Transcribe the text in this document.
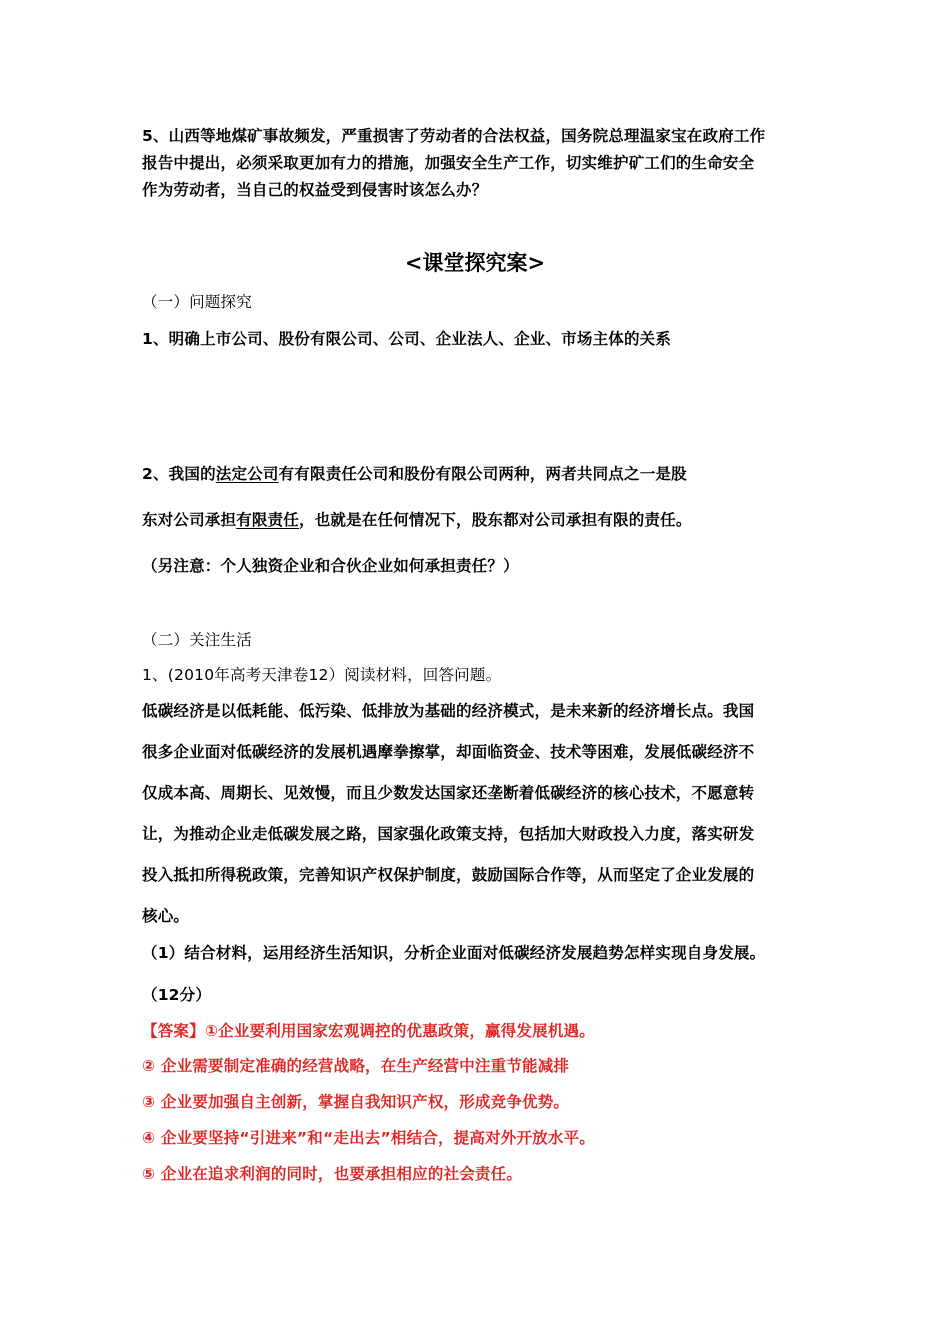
5、山西等地煤矿事故频发，严重损害了劳动者的合法权益，国务院总理温家宝在政府工作
报告中提出，必须采取更加有力的措施，加强安全生产工作，切实维护矿工们的生命安全
作为劳动者，当自己的权益受到侵害时该怎么办？
<课堂探究案>
（一）问题探究
1、明确上市公司、股份有限公司、公司、企业法人、企业、市场主体的关系
2、我国的法定公司有有限责任公司和股份有限公司两种，两者共同点之一是股
东对公司承担有限责任，也就是在任何情况下，股东都对公司承担有限的责任。
（另注意：个人独资企业和合伙企业如何承担责任？）
（二）关注生活
1、(2010年高考天津卷12）阅读材料，回答问题。
低碳经济是以低耗能、低污染、低排放为基础的经济模式，是未来新的经济增长点。我国
很多企业面对低碳经济的发展机遇摩拳擦掌，却面临资金、技术等困难，发展低碳经济不
仅成本高、周期长、见效慢，而且少数发达国家还垄断着低碳经济的核心技术，不愿意转
让，为推动企业走低碳发展之路，国家强化政策支持，包括加大财政投入力度，落实研发
投入抵扣所得税政策，完善知识产权保护制度，鼓励国际合作等，从而坚定了企业发展的
核心。
（1）结合材料，运用经济生活知识，分析企业面对低碳经济发展趋势怎样实现自身发展。
（12分）
【答案】①企业要利用国家宏观调控的优惠政策，赢得发展机遇。
② 企业需要制定准确的经营战略，在生产经营中注重节能减排
③ 企业要加强自主创新，掌握自我知识产权，形成竞争优势。
④ 企业要坚持“引进来”和“走出去”相结合，提高对外开放水平。
⑤ 企业在追求利润的同时，也要承担相应的社会责任。
